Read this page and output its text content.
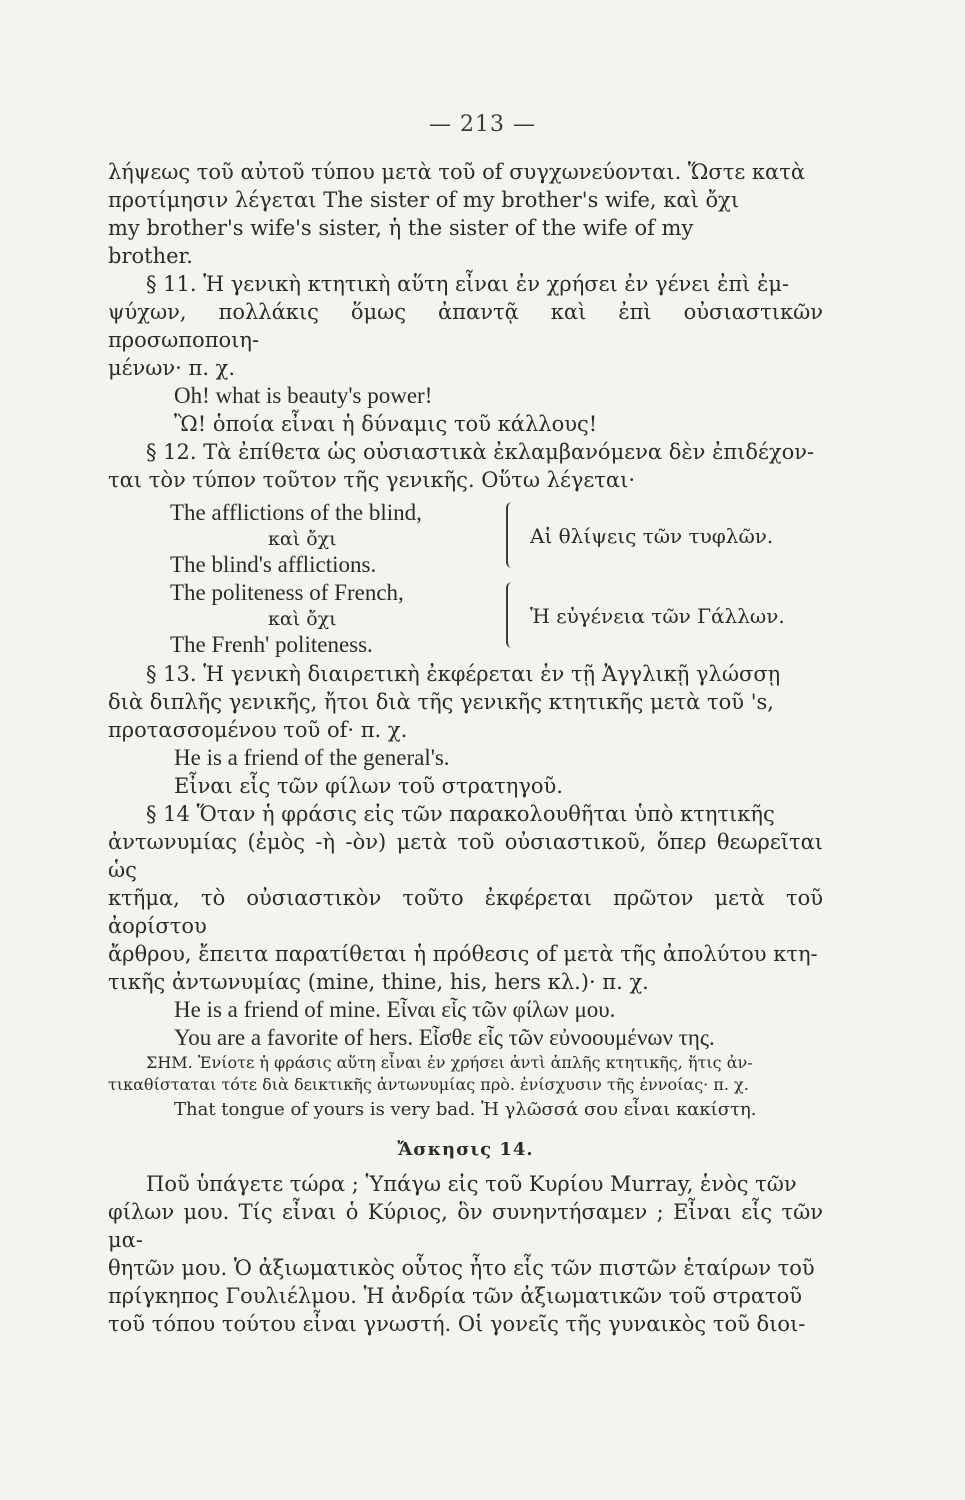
— 213 —

λήψεως τοῦ αὐτοῦ τύπου μετὰ τοῦ of συγχωνεύονται. Ὥστε κατὰ
προτίμησιν λέγεται The sister of my brother's wife, καὶ ὄχι
my brother's wife's sister, ἡ the sister of the wife of my
brother.

§ 11. Ἡ γενικὴ κτητικὴ αὕτη εἶναι ἐν χρήσει ἐν γένει ἐπὶ ἐμ-
ψύχων, πολλάκις ὅμως ἀπαντᾷ καὶ ἐπὶ οὐσιαστικῶν προσωποποιη-
μένων· π. χ.
Oh! what is beauty's power!
Ὢ! ὁποία εἶναι ἡ δύναμις τοῦ κάλλους!

§ 12. Τὰ ἐπίθετα ὡς οὐσιαστικὰ ἐκλαμβανόμενα δὲν ἐπιδέχον-
ται τὸν τύπον τοῦτον τῆς γενικῆς. Οὕτω λέγεται·

The afflictions of the blind,
καὶ ὄχι
The blind's afflictions.
Αἱ θλίψεις τῶν τυφλῶν.
The politeness of French,
καὶ ὄχι
The Frenh' politeness.
Ἡ εὐγένεια τῶν Γάλλων.

§ 13. Ἡ γενικὴ διαιρετικὴ ἐκφέρεται ἐν τῇ Ἀγγλικῇ γλώσσῃ
διὰ διπλῆς γενικῆς, ἤτοι διὰ τῆς γενικῆς κτητικῆς μετὰ τοῦ 's,
προτασσομένου τοῦ of· π. χ.
He is a friend of the general's.
Εἶναι εἷς τῶν φίλων τοῦ στρατηγοῦ.

§ 14 Ὅταν ἡ φράσις εἰς τῶν παρακολουθῆται ὑπὸ κτητικῆς
ἀντωνυμίας (ἐμὸς -ὴ -ὸν) μετὰ τοῦ οὐσιαστικοῦ, ὅπερ θεωρεῖται ὡς
κτῆμα, τὸ οὐσιαστικὸν τοῦτο ἐκφέρεται πρῶτον μετὰ τοῦ ἀορίστου
ἄρθρου, ἔπειτα παρατίθεται ἡ πρόθεσις of μετὰ τῆς ἀπολύτου κτη-
τικῆς ἀντωνυμίας (mine, thine, his, hers κλ.)· π. χ.
He is a friend of mine. Εἶναι εἷς τῶν φίλων μου.
You are a favorite of hers. Εἶσθε εἷς τῶν εὐνοουμένων της.
ΣΗΜ. Ἐνίοτε ἡ φράσις αὕτη εἶναι ἐν χρήσει ἀντὶ ἁπλῆς κτητικῆς, ἥτις ἀν-
τικαθίσταται τότε διὰ δεικτικῆς ἀντωνυμίας πρὸ. ἐνίσχυσιν τῆς ἐννοίας· π. χ.
That tongue of yours is very bad. Ἡ γλῶσσά σου εἶναι κακίστη.

Ἄσκησις 14.

Ποῦ ὑπάγετε τώρα ; Ὑπάγω εἰς τοῦ Κυρίου Murray, ἑνὸς τῶν
φίλων μου. Τίς εἶναι ὁ Κύριος, ὃν συνηντήσαμεν ; Εἶναι εἷς τῶν μα-
θητῶν μου. Ὁ ἀξιωματικὸς οὗτος ἦτο εἷς τῶν πιστῶν ἑταίρων τοῦ
πρίγκηπος Γουλιέλμου. Ἡ ἀνδρία τῶν ἀξιωματικῶν τοῦ στρατοῦ
τοῦ τόπου τούτου εἶναι γνωστή. Οἱ γονεῖς τῆς γυναικὸς τοῦ διοι-
